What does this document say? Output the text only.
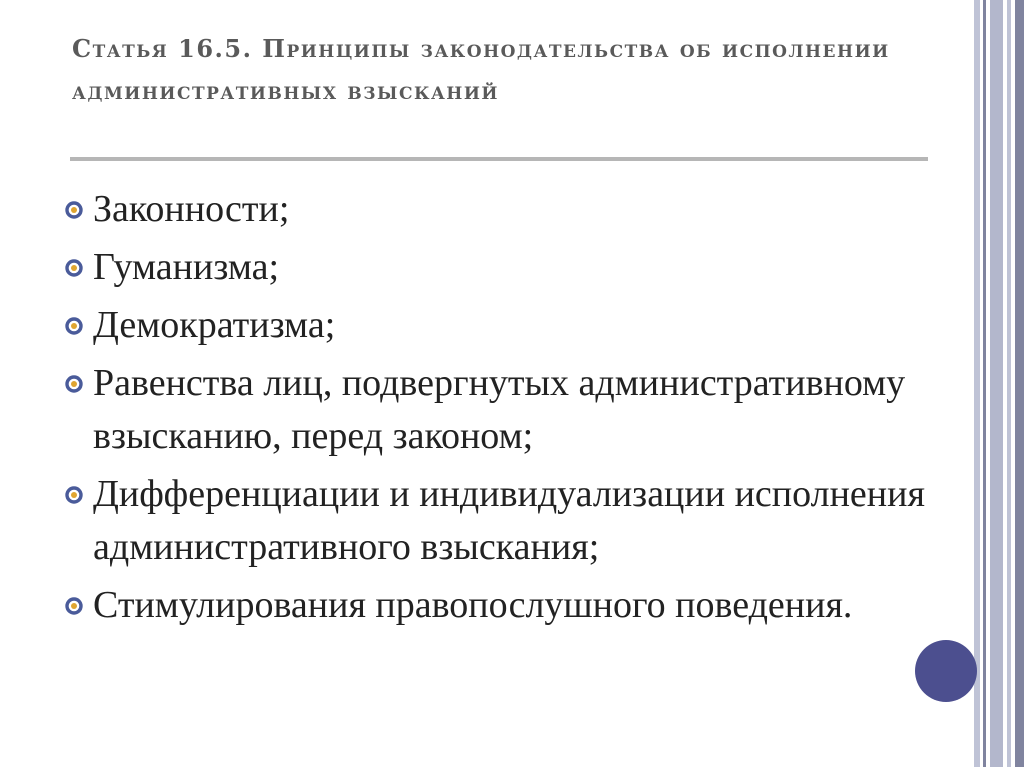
Статья 16.5. Принципы законодательства об исполнении административных взысканий
Законности;
Гуманизма;
Демократизма;
Равенства лиц, подвергнутых административному взысканию, перед законом;
Дифференциации и индивидуализации исполнения административного взыскания;
Стимулирования правопослушного поведения.
